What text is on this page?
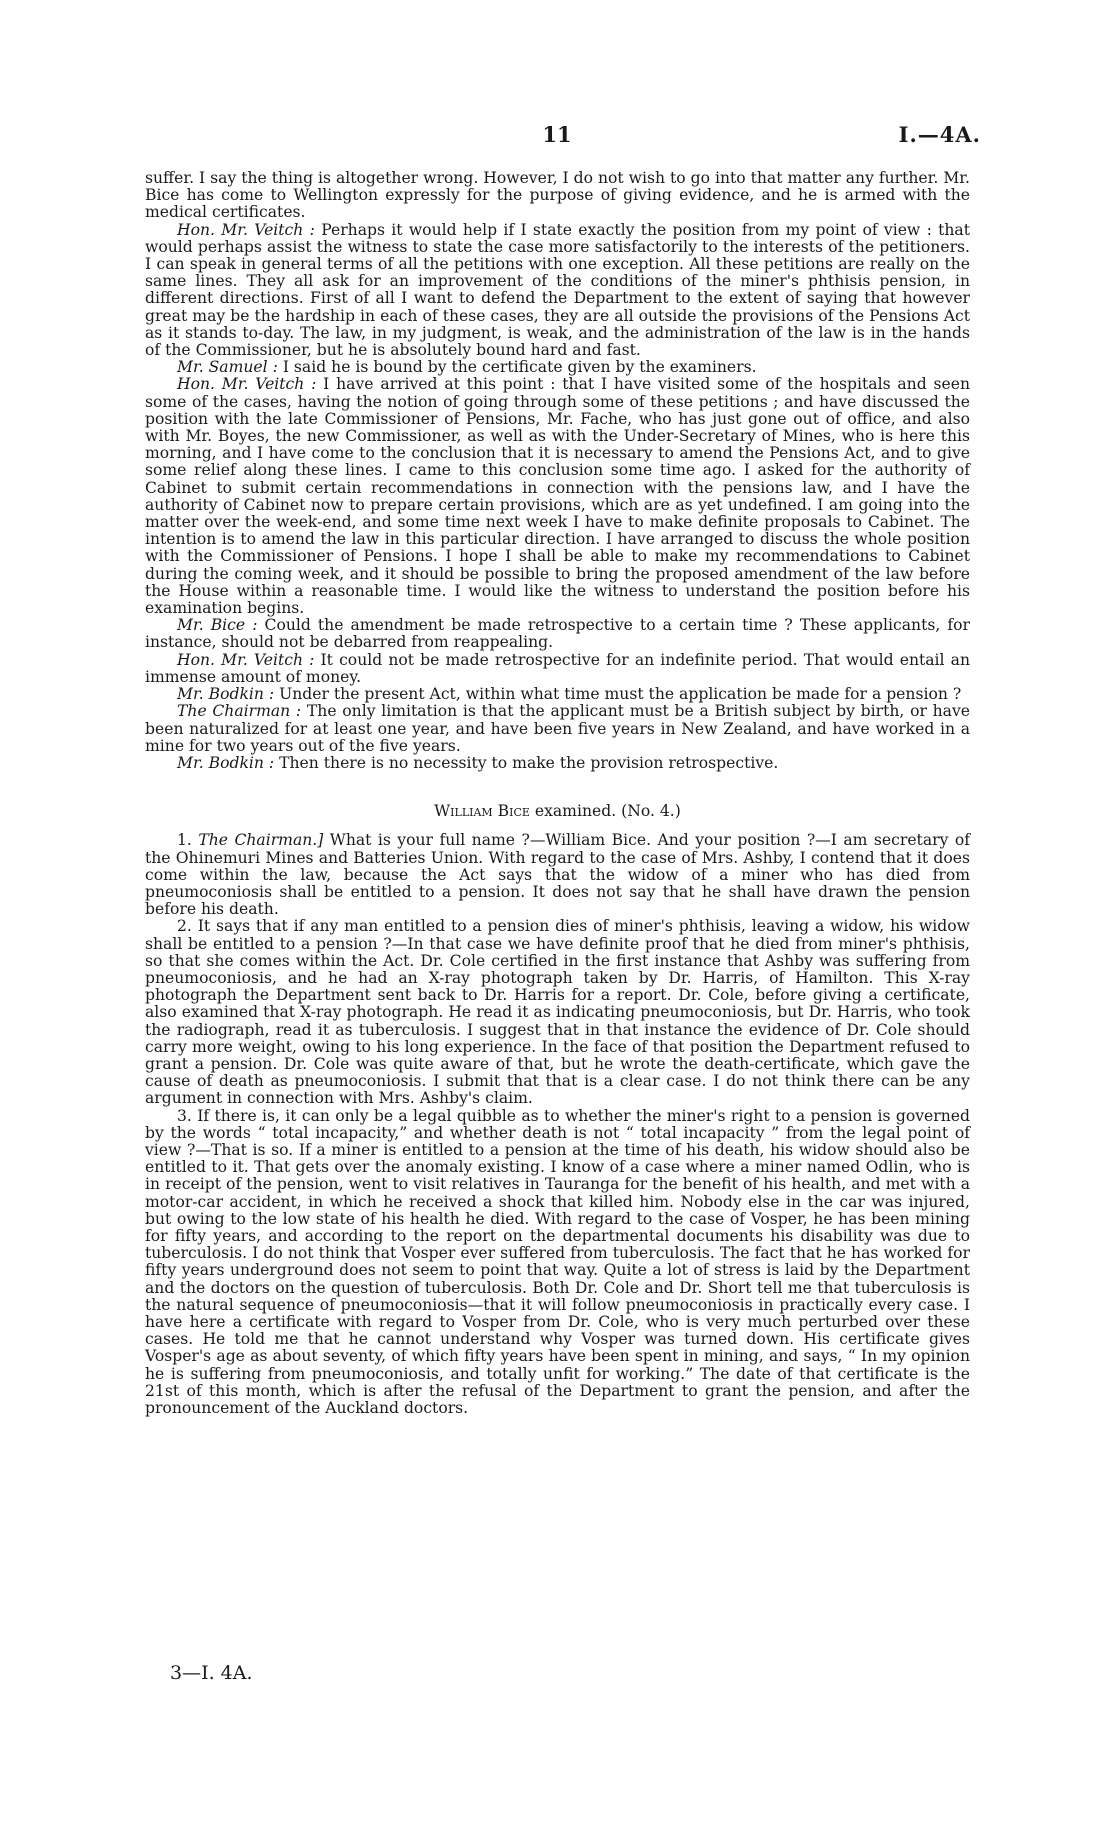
11	I.—4A.

suffer. I say the thing is altogether wrong. However, I do not wish to go into that matter any further. Mr. Bice has come to Wellington expressly for the purpose of giving evidence, and he is armed with the medical certificates.

Hon. Mr. Veitch : Perhaps it would help if I state exactly the position from my point of view : that would perhaps assist the witness to state the case more satisfactorily to the interests of the petitioners. I can speak in general terms of all the petitions with one exception. All these petitions are really on the same lines. They all ask for an improvement of the conditions of the miner's phthisis pension, in different directions. First of all I want to defend the Department to the extent of saying that however great may be the hardship in each of these cases, they are all outside the provisions of the Pensions Act as it stands to-day. The law, in my judgment, is weak, and the administration of the law is in the hands of the Commissioner, but he is absolutely bound hard and fast.

Mr. Samuel : I said he is bound by the certificate given by the examiners.

Hon. Mr. Veitch : I have arrived at this point : that I have visited some of the hospitals and seen some of the cases, having the notion of going through some of these petitions ; and have discussed the position with the late Commissioner of Pensions, Mr. Fache, who has just gone out of office, and also with Mr. Boyes, the new Commissioner, as well as with the Under-Secretary of Mines, who is here this morning, and I have come to the conclusion that it is necessary to amend the Pensions Act, and to give some relief along these lines. I came to this conclusion some time ago. I asked for the authority of Cabinet to submit certain recommendations in connection with the pensions law, and I have the authority of Cabinet now to prepare certain provisions, which are as yet undefined. I am going into the matter over the week-end, and some time next week I have to make definite proposals to Cabinet. The intention is to amend the law in this particular direction. I have arranged to discuss the whole position with the Commissioner of Pensions. I hope I shall be able to make my recommendations to Cabinet during the coming week, and it should be possible to bring the proposed amendment of the law before the House within a reasonable time. I would like the witness to understand the position before his examination begins.

Mr. Bice : Could the amendment be made retrospective to a certain time ? These applicants, for instance, should not be debarred from reappealing.

Hon. Mr. Veitch : It could not be made retrospective for an indefinite period. That would entail an immense amount of money.

Mr. Bodkin : Under the present Act, within what time must the application be made for a pension ?

The Chairman : The only limitation is that the applicant must be a British subject by birth, or have been naturalized for at least one year, and have been five years in New Zealand, and have worked in a mine for two years out of the five years.

Mr. Bodkin : Then there is no necessity to make the provision retrospective.

William Bice examined. (No. 4.)

1. The Chairman.] What is your full name ?—William Bice. And your position ?—I am secretary of the Ohinemuri Mines and Batteries Union. With regard to the case of Mrs. Ashby, I contend that it does come within the law, because the Act says that the widow of a miner who has died from pneumoconiosis shall be entitled to a pension. It does not say that he shall have drawn the pension before his death.

2. It says that if any man entitled to a pension dies of miner's phthisis, leaving a widow, his widow shall be entitled to a pension ?—In that case we have definite proof that he died from miner's phthisis, so that she comes within the Act. Dr. Cole certified in the first instance that Ashby was suffering from pneumoconiosis, and he had an X-ray photograph taken by Dr. Harris, of Hamilton. This X-ray photograph the Department sent back to Dr. Harris for a report. Dr. Cole, before giving a certificate, also examined that X-ray photograph. He read it as indicating pneumoconiosis, but Dr. Harris, who took the radiograph, read it as tuberculosis. I suggest that in that instance the evidence of Dr. Cole should carry more weight, owing to his long experience. In the face of that position the Department refused to grant a pension. Dr. Cole was quite aware of that, but he wrote the death-certificate, which gave the cause of death as pneumoconiosis. I submit that that is a clear case. I do not think there can be any argument in connection with Mrs. Ashby's claim.

3. If there is, it can only be a legal quibble as to whether the miner's right to a pension is governed by the words “ total incapacity,” and whether death is not “ total incapacity ” from the legal point of view ?—That is so. If a miner is entitled to a pension at the time of his death, his widow should also be entitled to it. That gets over the anomaly existing. I know of a case where a miner named Odlin, who is in receipt of the pension, went to visit relatives in Tauranga for the benefit of his health, and met with a motor-car accident, in which he received a shock that killed him. Nobody else in the car was injured, but owing to the low state of his health he died. With regard to the case of Vosper, he has been mining for fifty years, and according to the report on the departmental documents his disability was due to tuberculosis. I do not think that Vosper ever suffered from tuberculosis. The fact that he has worked for fifty years underground does not seem to point that way. Quite a lot of stress is laid by the Department and the doctors on the question of tuberculosis. Both Dr. Cole and Dr. Short tell me that tuberculosis is the natural sequence of pneumoconiosis—that it will follow pneumoconiosis in practically every case. I have here a certificate with regard to Vosper from Dr. Cole, who is very much perturbed over these cases. He told me that he cannot understand why Vosper was turned down. His certificate gives Vosper's age as about seventy, of which fifty years have been spent in mining, and says, “ In my opinion he is suffering from pneumoconiosis, and totally unfit for working.” The date of that certificate is the 21st of this month, which is after the refusal of the Department to grant the pension, and after the pronouncement of the Auckland doctors.

3—I. 4A.
